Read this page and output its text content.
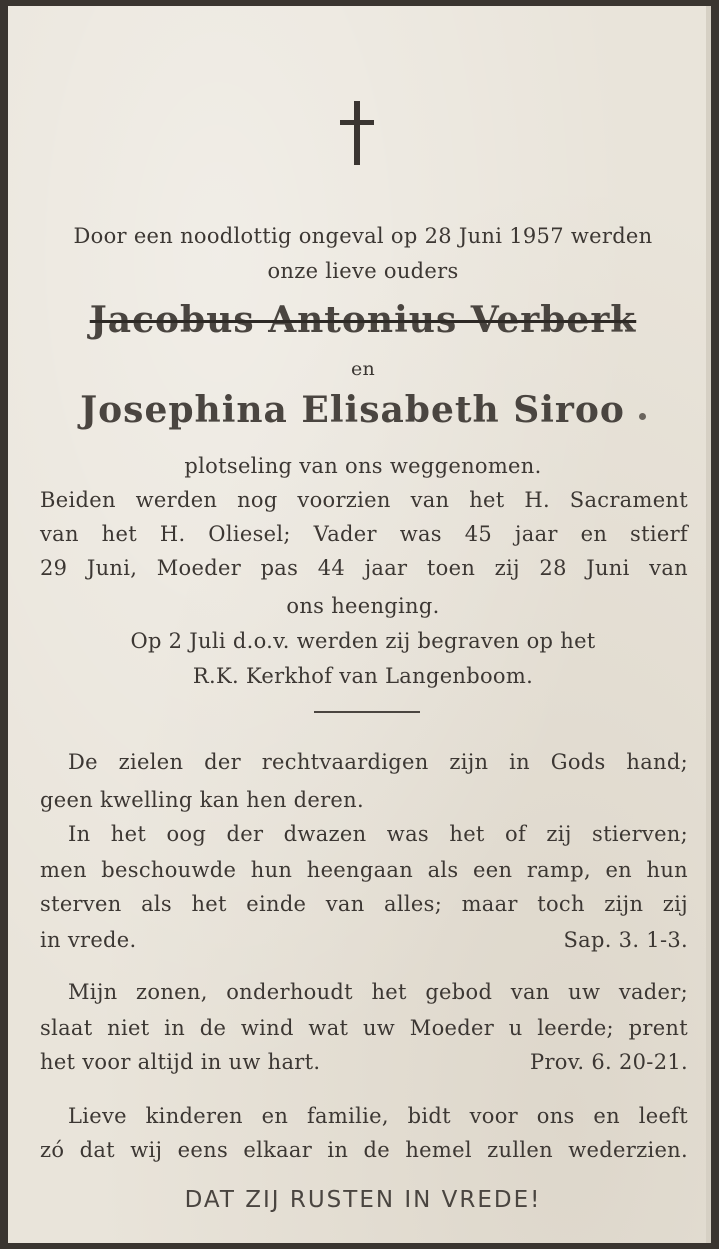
Door een noodlottig ongeval op 28 Juni 1957 werden
onze lieve ouders
Jacobus Antonius Verberk
en
Josephina Elisabeth Siroo
plotseling van ons weggenomen.
Beiden werden nog voorzien van het H. Sacrament
van het H. Oliesel; Vader was 45 jaar en stierf
29 Juni, Moeder pas 44 jaar toen zij 28 Juni van
ons heenging.
Op 2 Juli d.o.v. werden zij begraven op het
R.K. Kerkhof van Langenboom.
De zielen der rechtvaardigen zijn in Gods hand;
geen kwelling kan hen deren.
In het oog der dwazen was het of zij stierven;
men beschouwde hun heengaan als een ramp, en hun
sterven als het einde van alles; maar toch zijn zij
in vrede.	Sap. 3. 1-3.
Mijn zonen, onderhoudt het gebod van uw vader;
slaat niet in de wind wat uw Moeder u leerde; prent
het voor altijd in uw hart.	Prov. 6. 20-21.
Lieve kinderen en familie, bidt voor ons en leeft
zó dat wij eens elkaar in de hemel zullen wederzien.
DAT ZIJ RUSTEN IN VREDE!
